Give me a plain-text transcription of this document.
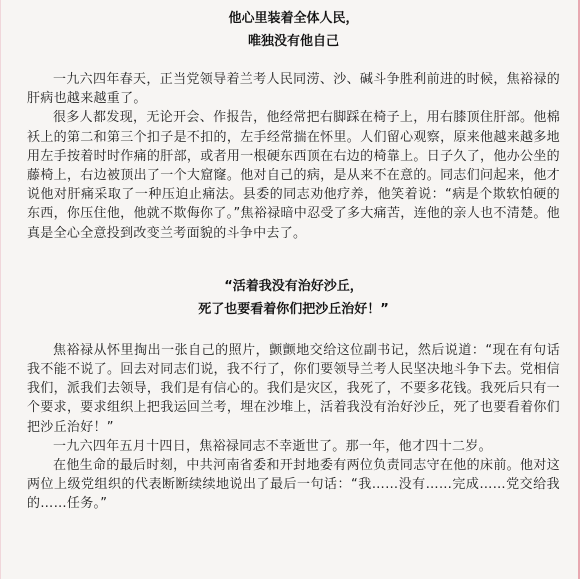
他心里装着全体人民，

唯独没有他自己

一九六四年春天，正当党领导着兰考人民同涝、沙、碱斗争胜利前进的时候，焦裕禄的肝病也越来越重了。

很多人都发现，无论开会、作报告，他经常把右脚踩在椅子上，用右膝顶住肝部。他棉袄上的第二和第三个扣子是不扣的，左手经常揣在怀里。人们留心观察，原来他越来越多地用左手按着时时作痛的肝部，或者用一根硬东西顶在右边的椅靠上。日子久了，他办公坐的藤椅上，右边被顶出了一个大窟窿。他对自己的病，是从来不在意的。同志们问起来，他才说他对肝痛采取了一种压迫止痛法。县委的同志劝他疗养，他笑着说：“病是个欺软怕硬的东西，你压住他，他就不欺侮你了。”焦裕禄暗中忍受了多大痛苦，连他的亲人也不清楚。他真是全心全意投到改变兰考面貌的斗争中去了。

“活着我没有治好沙丘，

死了也要看着你们把沙丘治好！”

焦裕禄从怀里掏出一张自己的照片，颤颤地交给这位副书记，然后说道：“现在有句话我不能不说了。回去对同志们说，我不行了，你们要领导兰考人民坚决地斗争下去。党相信我们，派我们去领导，我们是有信心的。我们是灾区，我死了，不要多花钱。我死后只有一个要求，要求组织上把我运回兰考，埋在沙堆上，活着我没有治好沙丘，死了也要看着你们把沙丘治好！”

一九六四年五月十四日，焦裕禄同志不幸逝世了。那一年，他才四十二岁。

在他生命的最后时刻，中共河南省委和开封地委有两位负责同志守在他的床前。他对这两位上级党组织的代表断断续续地说出了最后一句话：“我……没有……完成……党交给我的……任务。”
